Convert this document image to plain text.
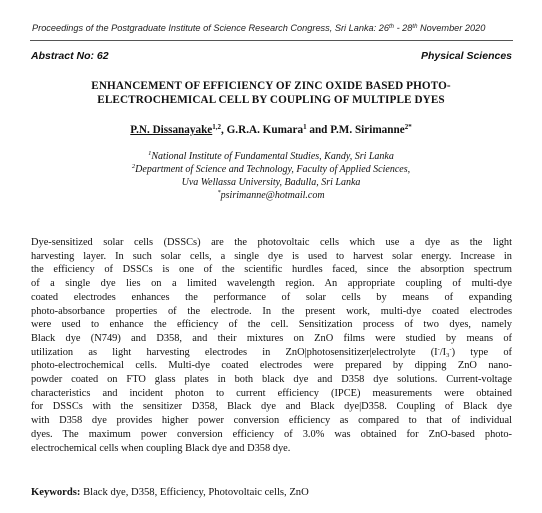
Proceedings of the Postgraduate Institute of Science Research Congress, Sri Lanka: 26th - 28th November 2020
Abstract No: 62	Physical Sciences
ENHANCEMENT OF EFFICIENCY OF ZINC OXIDE BASED PHOTO-
ELECTROCHEMICAL CELL BY COUPLING OF MULTIPLE DYES
P.N. Dissanayake$^{1,2}$, G.R.A. Kumara$^1$ and P.M. Sirimanne$^{2*}$
$^1$National Institute of Fundamental Studies, Kandy, Sri Lanka
$^2$Department of Science and Technology, Faculty of Applied Sciences,
Uva Wellassa University, Badulla, Sri Lanka
*psirimanne@hotmail.com
Dye-sensitized solar cells (DSSCs) are the photovoltaic cells which use a dye as the light
harvesting layer. In such solar cells, a single dye is used to harvest solar energy. Increase in
the efficiency of DSSCs is one of the scientific hurdles faced, since the absorption spectrum
of a single dye lies on a limited wavelength region. An appropriate coupling of multi-dye
coated electrodes enhances the performance of solar cells by means of expanding
photo-absorbance properties of the electrode. In the present work, multi-dye coated electrodes
were used to enhance the efficiency of the cell. Sensitization process of two dyes, namely
Black dye (N749) and D358, and their mixtures on ZnO films were studied by means of
utilization as light harvesting electrodes in ZnO|photosensitizer|electrolyte $(I^-/I_3^-)$ type of
photo-electrochemical cells. Multi-dye coated electrodes were prepared by dipping ZnO nano-
powder coated on FTO glass plates in both black dye and D358 dye solutions. Current-voltage
characteristics and incident photon to current efficiency (IPCE) measurements were obtained
for DSSCs with the sensitizer D358, Black dye and Black dye|D358. Coupling of Black dye
with D358 dye provides higher power conversion efficiency as compared to that of individual
dyes. The maximum power conversion efficiency of 3.0% was obtained for ZnO-based photo-
electrochemical cells when coupling Black dye and D358 dye.
Keywords: Black dye, D358, Efficiency, Photovoltaic cells, ZnO
